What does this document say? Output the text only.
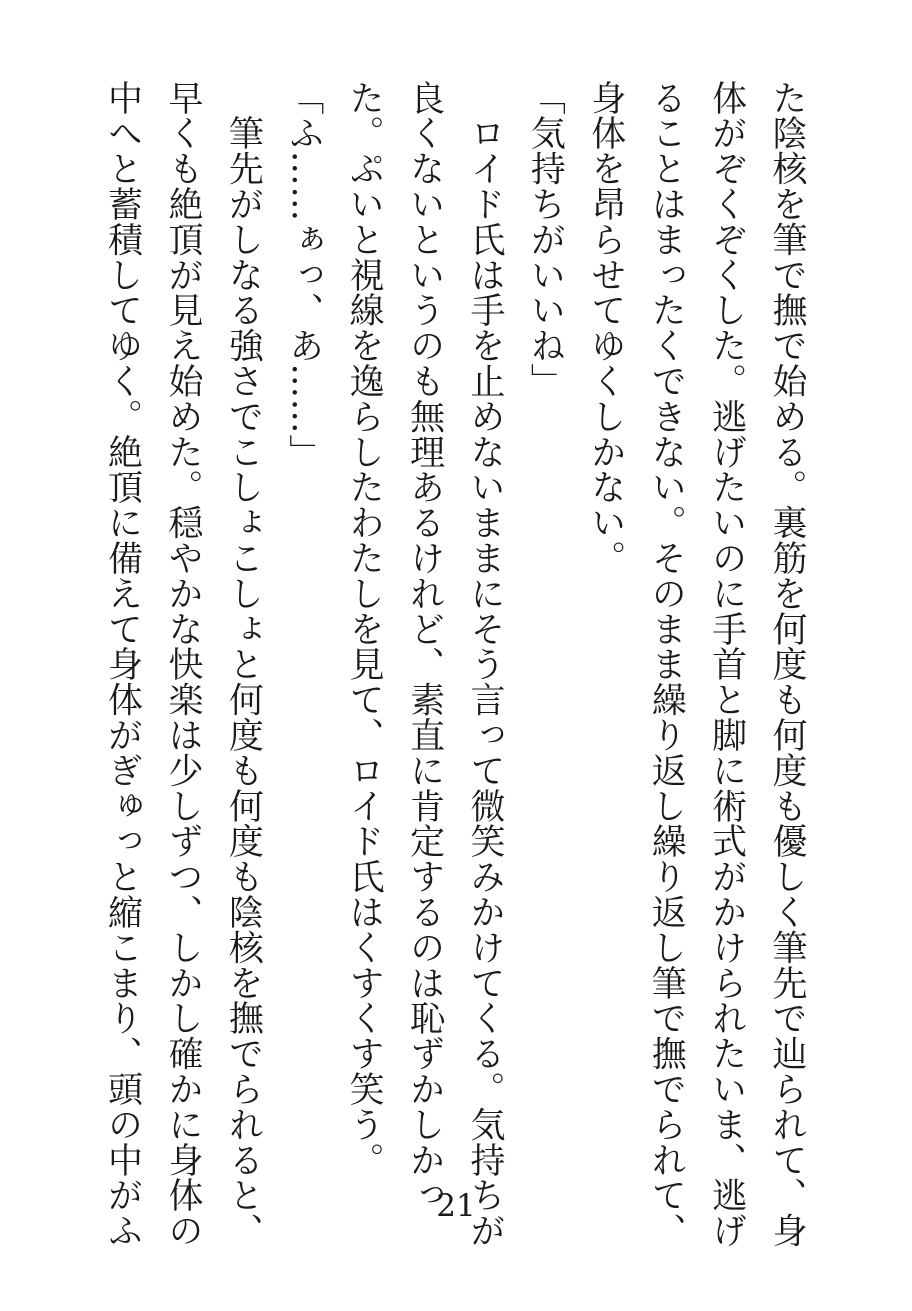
た陰核を筆で撫で始める。裏筋を何度も何度も優しく筆先で辿られて、身

体がぞくぞくした。逃げたいのに手首と脚に術式がかけられたいま、逃げ

ることはまったくできない。そのまま繰り返し繰り返し筆で撫でられて、

身体を昂らせてゆくしかない。

「気持ちがいいね」

　ロイド氏は手を止めないままにそう言って微笑みかけてくる。気持ちが

良くないというのも無理あるけれど、素直に肯定するのは恥ずかしかっ

た。ぷいと視線を逸らしたわたしを見て、ロイド氏はくすくす笑う。

「ふ……ぁっ、あ……」

　筆先がしなる強さでこしょこしょと何度も何度も陰核を撫でられると、

早くも絶頂が見え始めた。穏やかな快楽は少しずつ、しかし確かに身体の

中へと蓄積してゆく。絶頂に備えて身体がぎゅっと縮こまり、頭の中がふ	21
